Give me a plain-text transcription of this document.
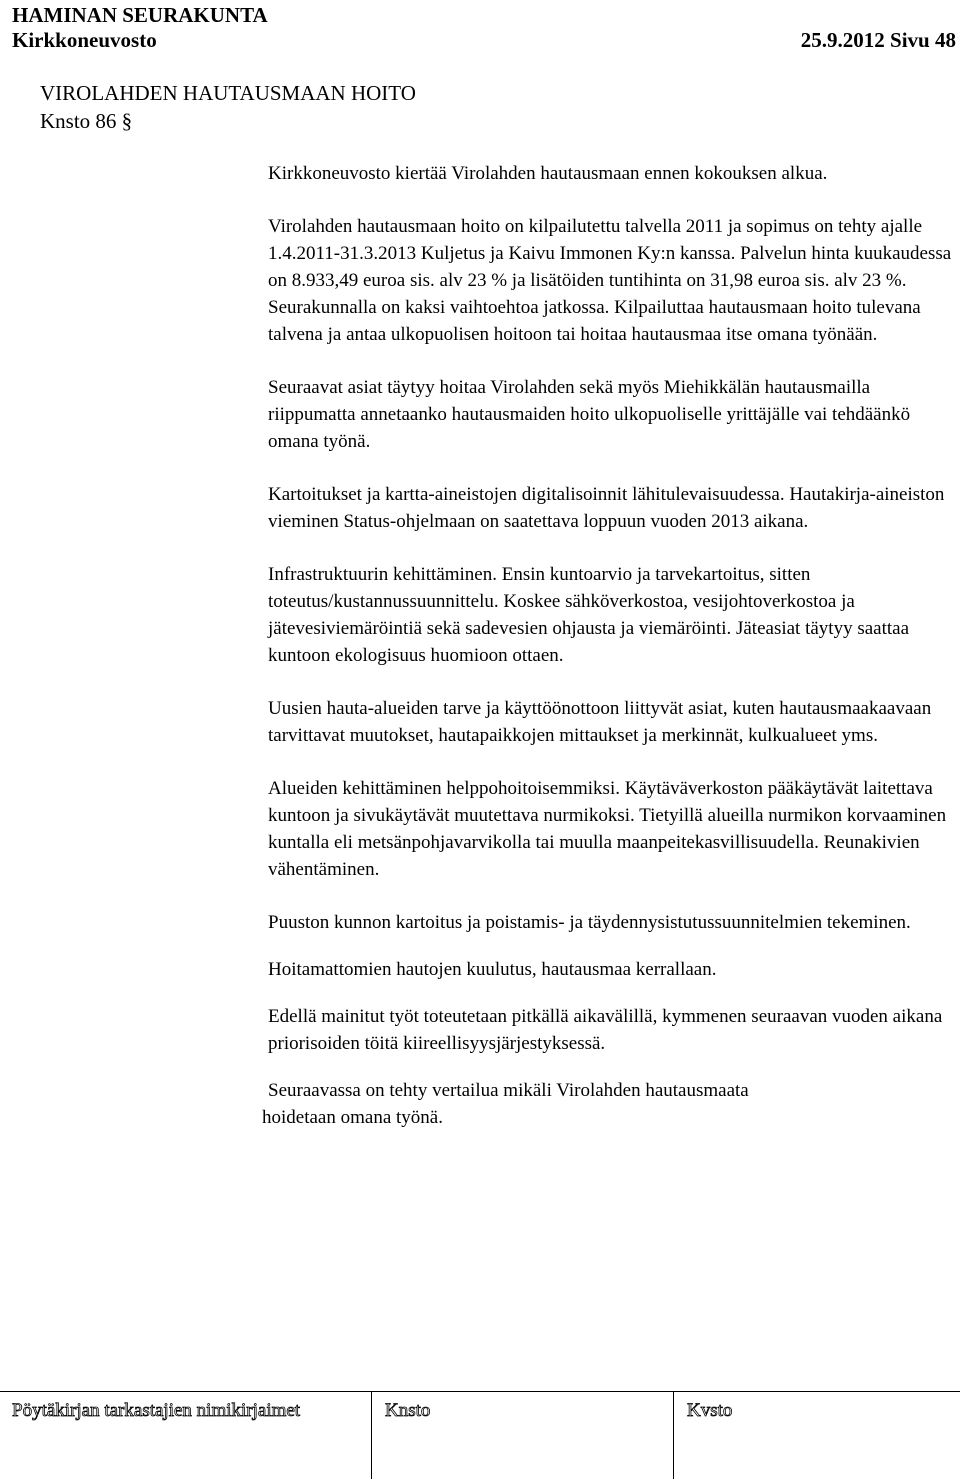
HAMINAN SEURAKUNTA
Kirkkoneuvosto	25.9.2012 Sivu 48
VIROLAHDEN HAUTAUSMAAN HOITO
Knsto 86 §

Kirkkoneuvosto kiertää Virolahden hautausmaan ennen kokouksen alkua.

Virolahden hautausmaan hoito on kilpailutettu talvella 2011 ja sopimus on tehty ajalle 1.4.2011-31.3.2013 Kuljetus ja Kaivu Immonen Ky:n kanssa. Palvelun hinta kuukaudessa on 8.933,49 euroa sis. alv 23 % ja lisätöiden tuntihinta on 31,98 euroa sis. alv 23 %. Seurakunnalla on kaksi vaihtoehtoa jatkossa. Kilpailuttaa hautausmaan hoito tulevana talvena ja antaa ulkopuolisen hoitoon tai hoitaa hautausmaa itse omana työnään.

Seuraavat asiat täytyy hoitaa Virolahden sekä myös Miehikkälän hautausmailla riippumatta annetaanko hautausmaiden hoito ulkopuoliselle yrittäjälle vai tehdäänkö omana työnä.

Kartoitukset ja kartta-aineistojen digitalisoinnit lähitulevaisuudessa. Hautakirja-aineiston vieminen Status-ohjelmaan on saatettava loppuun vuoden 2013 aikana.

Infrastruktuurin kehittäminen. Ensin kuntoarvio ja tarvekartoitus, sitten toteutus/kustannussuunnittelu. Koskee sähköverkostoa, vesijohtoverkostoa ja jätevesiviemäröintiä sekä sadevesien ohjausta ja viemäröinti. Jäteasiat täytyy saattaa kuntoon ekologisuus huomioon ottaen.

Uusien hauta-alueiden tarve ja käyttöönottoon liittyvät asiat, kuten hautausmaakaavaan tarvittavat muutokset, hautapaikkojen mittaukset ja merkinnät, kulkualueet yms.

Alueiden kehittäminen helppohoitoisemmiksi. Käytäväverkoston pääkäytävät laitettava kuntoon ja sivukäytävät muutettava nurmikoksi. Tietyillä alueilla nurmikon korvaaminen kuntalla eli metsänpohjavarvikolla tai muulla maanpeitekasvillisuudella. Reunakivien vähentäminen.

Puuston kunnon kartoitus ja poistamis- ja täydennysistutussuunnitelmien tekeminen.

Hoitamattomien hautojen kuulutus, hautausmaa kerrallaan.

Edellä mainitut työt toteutetaan pitkällä aikavälillä, kymmenen seuraavan vuoden aikana priorisoiden töitä kiireellisyysjärjestyksessä.

Seuraavassa on tehty vertailua mikäli Virolahden hautausmaata
hoidetaan omana työnä.

Pöytäkirjan tarkastajien nimikirjaimet	Knsto	Kvsto
